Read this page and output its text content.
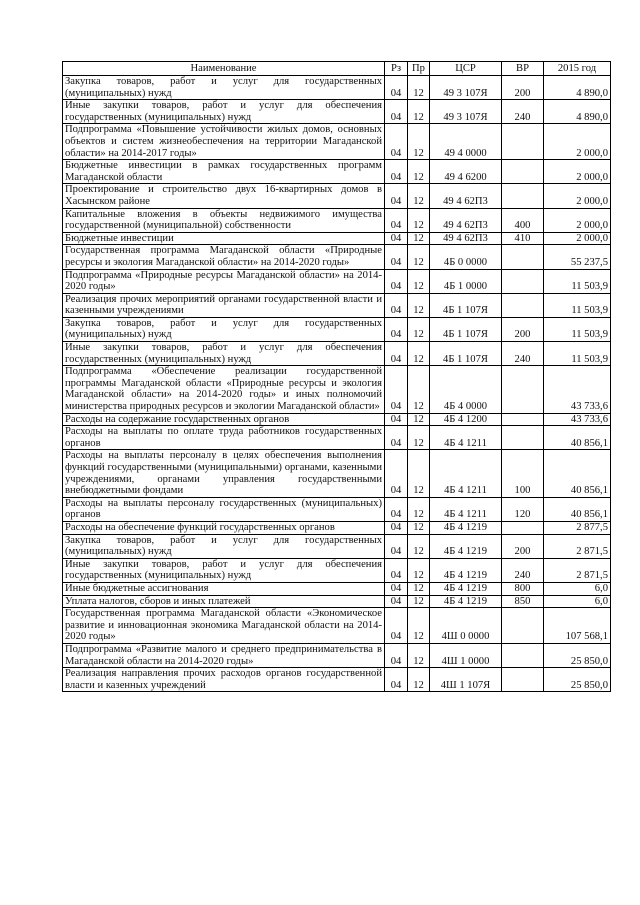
Наименование	Рз	Пр	ЦСР	ВР	2015 год
Закупка товаров, работ и услуг для государственных (муниципальных) нужд	04	12	49 3 107Я	200	4 890,0
Иные закупки товаров, работ и услуг для обеспечения государственных (муниципальных) нужд	04	12	49 3 107Я	240	4 890,0
Подпрограмма «Повышение устойчивости жилых домов, основных объектов и систем жизнеобеспечения на территории Магаданской области» на 2014-2017 годы»	04	12	49 4 0000		2 000,0
Бюджетные инвестиции в рамках государственных программ Магаданской области	04	12	49 4 6200		2 000,0
Проектирование и строительство двух 16-квартирных домов в Хасынском районе	04	12	49 4 62П3		2 000,0
Капитальные вложения в объекты недвижимого имущества государственной (муниципальной) собственности	04	12	49 4 62П3	400	2 000,0
Бюджетные инвестиции	04	12	49 4 62П3	410	2 000,0
Государственная программа Магаданской области «Природные ресурсы и экология Магаданской области» на 2014-2020 годы»	04	12	4Б 0 0000		55 237,5
Подпрограмма «Природные ресурсы Магаданской области» на 2014-2020 годы»	04	12	4Б 1 0000		11 503,9
Реализация прочих мероприятий органами государственной власти и казенными учреждениями	04	12	4Б 1 107Я		11 503,9
Закупка товаров, работ и услуг для государственных (муниципальных) нужд	04	12	4Б 1 107Я	200	11 503,9
Иные закупки товаров, работ и услуг для обеспечения государственных (муниципальных) нужд	04	12	4Б 1 107Я	240	11 503,9
Подпрограмма «Обеспечение реализации государственной программы Магаданской области «Природные ресурсы и экология Магаданской области» на 2014-2020 годы» и иных полномочий министерства природных ресурсов и экологии Магаданской области»	04	12	4Б 4 0000		43 733,6
Расходы на содержание государственных органов	04	12	4Б 4 1200		43 733,6
Расходы на выплаты по оплате труда работников государственных органов	04	12	4Б 4 1211		40 856,1
Расходы на выплаты персоналу в целях обеспечения выполнения функций государственными (муниципальными) органами, казенными учреждениями, органами управления государственными внебюджетными фондами	04	12	4Б 4 1211	100	40 856,1
Расходы на выплаты персоналу государственных (муниципальных) органов	04	12	4Б 4 1211	120	40 856,1
Расходы на обеспечение функций государственных органов	04	12	4Б 4 1219		2 877,5
Закупка товаров, работ и услуг для государственных (муниципальных) нужд	04	12	4Б 4 1219	200	2 871,5
Иные закупки товаров, работ и услуг для обеспечения государственных (муниципальных) нужд	04	12	4Б 4 1219	240	2 871,5
Иные бюджетные ассигнования	04	12	4Б 4 1219	800	6,0
Уплата налогов, сборов и иных платежей	04	12	4Б 4 1219	850	6,0
Государственная программа Магаданской области «Экономическое развитие и инновационная экономика Магаданской области на 2014-2020 годы»	04	12	4Ш 0 0000		107 568,1
Подпрограмма «Развитие малого и среднего предпринимательства в Магаданской области на 2014-2020 годы»	04	12	4Ш 1 0000		25 850,0
Реализация направления прочих расходов органов государственной власти и казенных учреждений	04	12	4Ш 1 107Я		25 850,0
